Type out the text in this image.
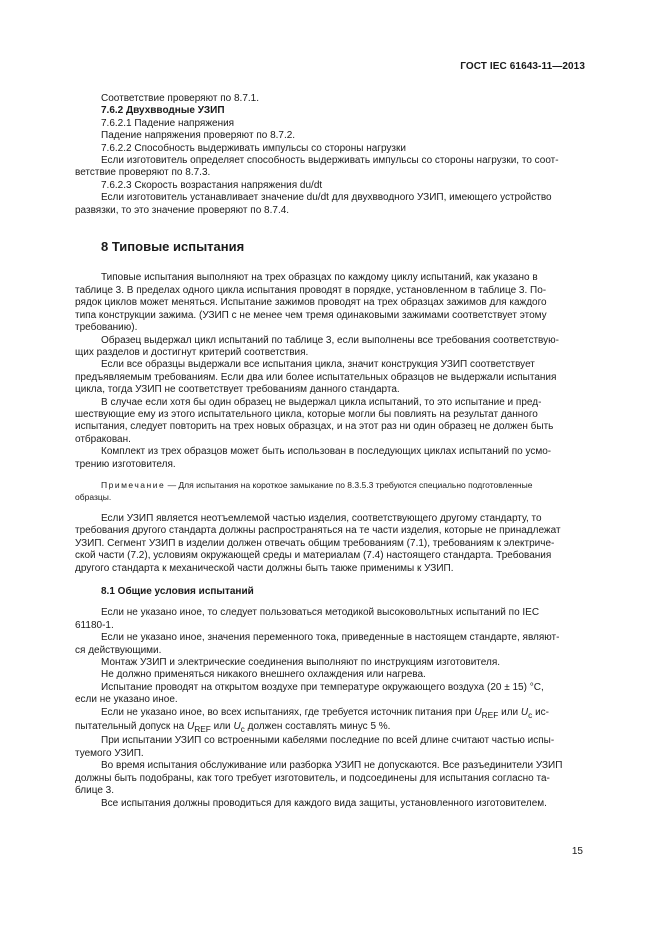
ГОСТ IEC 61643-11—2013

Соответствие проверяют по 8.7.1.

7.6.2 Двухвводные УЗИП

7.6.2.1 Падение напряжения

Падение напряжения проверяют по 8.7.2.

7.6.2.2 Способность выдерживать импульсы со стороны нагрузки

Если изготовитель определяет способность выдерживать импульсы со стороны нагрузки, то соот-

ветствие проверяют по 8.7.3.

7.6.2.3 Скорость возрастания напряжения du/dt

Если изготовитель устанавливает значение du/dt для двухвводного УЗИП, имеющего устройство

развязки, то это значение проверяют по 8.7.4.

8 Типовые испытания

Типовые испытания выполняют на трех образцах по каждому циклу испытаний, как указано в

таблице 3. В пределах одного цикла испытания проводят в порядке, установленном в таблице 3. По-

рядок циклов может меняться. Испытание зажимов проводят на трех образцах зажимов для каждого

типа конструкции зажима. (УЗИП с не менее чем тремя одинаковыми зажимами соответствует этому

требованию).

Образец выдержал цикл испытаний по таблице 3, если выполнены все требования соответствую-

щих разделов и достигнут критерий соответствия.

Если все образцы выдержали все испытания цикла, значит конструкция УЗИП соответствует

предъявляемым требованиям. Если два или более испытательных образцов не выдержали испытания

цикла, тогда УЗИП не соответствует требованиям данного стандарта.

В случае если хотя бы один образец не выдержал цикла испытаний, то это испытание и пред-

шествующие ему из этого испытательного цикла, которые могли бы повлиять на результат данного

испытания, следует повторить на трех новых образцах, и на этот раз ни один образец не должен быть

отбракован.

Комплект из трех образцов может быть использован в последующих циклах испытаний по усмо-

трению изготовителя.

Примечание — Для испытания на короткое замыкание по 8.3.5.3 требуются специально подготовленные

образцы.

Если УЗИП является неотъемлемой частью изделия, соответствующего другому стандарту, то

требования другого стандарта должны распространяться на те части изделия, которые не принадлежат

УЗИП. Сегмент УЗИП в изделии должен отвечать общим требованиям (7.1), требованиям к электриче-

ской части (7.2), условиям окружающей среды и материалам (7.4) настоящего стандарта. Требования

другого стандарта к механической части должны быть также применимы к УЗИП.

8.1 Общие условия испытаний

Если не указано иное, то следует пользоваться методикой высоковольтных испытаний по IEC

61180-1.

Если не указано иное, значения переменного тока, приведенные в настоящем стандарте, являют-

ся действующими.

Монтаж УЗИП и электрические соединения выполняют по инструкциям изготовителя.

Не должно применяться никакого внешнего охлаждения или нагрева.

Испытание проводят на открытом воздухе при температуре окружающего воздуха (20 ± 15) °С,

если не указано иное.

Если не указано иное, во всех испытаниях, где требуется источник питания при $U_{REF}$ или $U_c$ ис-

пытательный допуск на $U_{REF}$ или $U_c$ должен составлять минус 5 %.

При испытании УЗИП со встроенными кабелями последние по всей длине считают частью испы-

туемого УЗИП.

Во время испытания обслуживание или разборка УЗИП не допускаются. Все разъединители УЗИП

должны быть подобраны, как того требует изготовитель, и подсоединены для испытания согласно та-

блице 3.

Все испытания должны проводиться для каждого вида защиты, установленного изготовителем.

15
